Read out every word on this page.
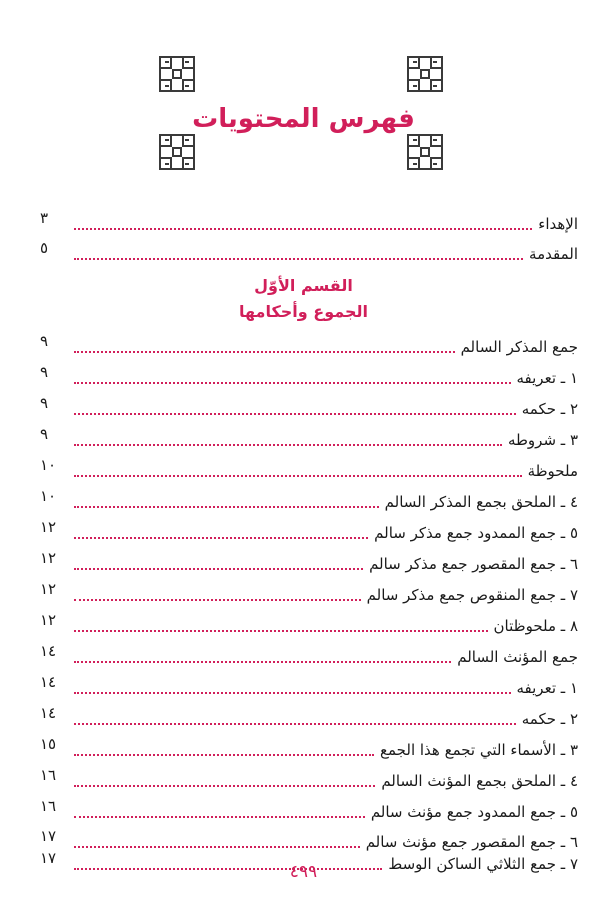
فهرس المحتويات
الإهداء
٣
المقدمة
٥
القسم الأوّل
الجموع وأحكامها
جمع المذكر السالم
٩
١ ـ تعريفه
٩
٢ ـ حكمه
٩
٣ ـ شروطه
٩
ملحوظة
١٠
٤ ـ الملحق بجمع المذكر السالم
١٠
٥ ـ جمع الممدود جمع مذكر سالم
١٢
٦ ـ جمع المقصور جمع مذكر سالم
١٢
٧ ـ جمع المنقوص جمع مذكر سالم
١٢
٨ ـ ملحوظتان
١٢
جمع المؤنث السالم
١٤
١ ـ تعريفه
١٤
٢ ـ حكمه
١٤
٣ ـ الأسماء التي تجمع هذا الجمع
١٥
٤ ـ الملحق بجمع المؤنث السالم
١٦
٥ ـ جمع الممدود جمع مؤنث سالم
١٦
٦ ـ جمع المقصور جمع مؤنث سالم
١٧
٧ ـ جمع الثلاثي الساكن الوسط
١٧
٤٩٩
